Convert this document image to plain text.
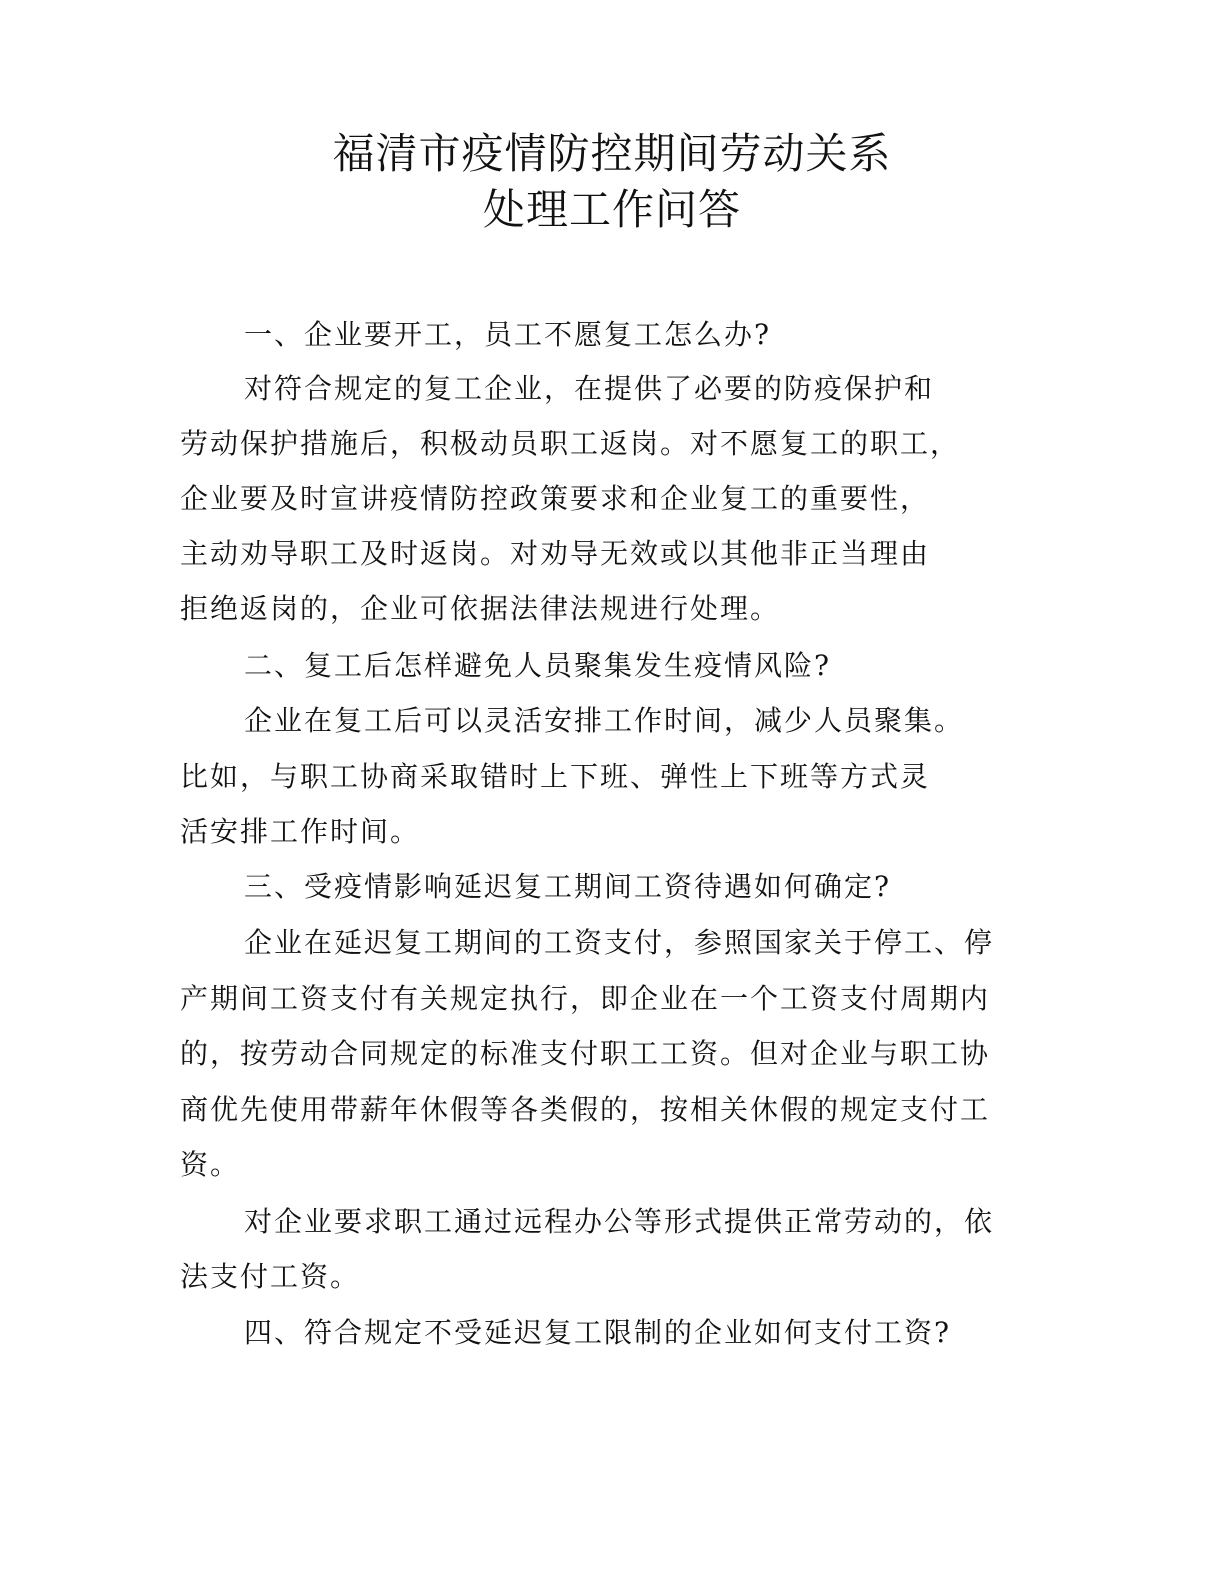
福清市疫情防控期间劳动关系
处理工作问答
一、企业要开工，员工不愿复工怎么办?
对符合规定的复工企业，在提供了必要的防疫保护和
劳动保护措施后，积极动员职工返岗。对不愿复工的职工，
企业要及时宣讲疫情防控政策要求和企业复工的重要性，
主动劝导职工及时返岗。对劝导无效或以其他非正当理由
拒绝返岗的，企业可依据法律法规进行处理。
二、复工后怎样避免人员聚集发生疫情风险?
企业在复工后可以灵活安排工作时间，减少人员聚集。
比如，与职工协商采取错时上下班、弹性上下班等方式灵
活安排工作时间。
三、受疫情影响延迟复工期间工资待遇如何确定?
企业在延迟复工期间的工资支付，参照国家关于停工、停
产期间工资支付有关规定执行，即企业在一个工资支付周期内
的，按劳动合同规定的标准支付职工工资。但对企业与职工协
商优先使用带薪年休假等各类假的，按相关休假的规定支付工
资。
对企业要求职工通过远程办公等形式提供正常劳动的，依
法支付工资。
四、符合规定不受延迟复工限制的企业如何支付工资?
